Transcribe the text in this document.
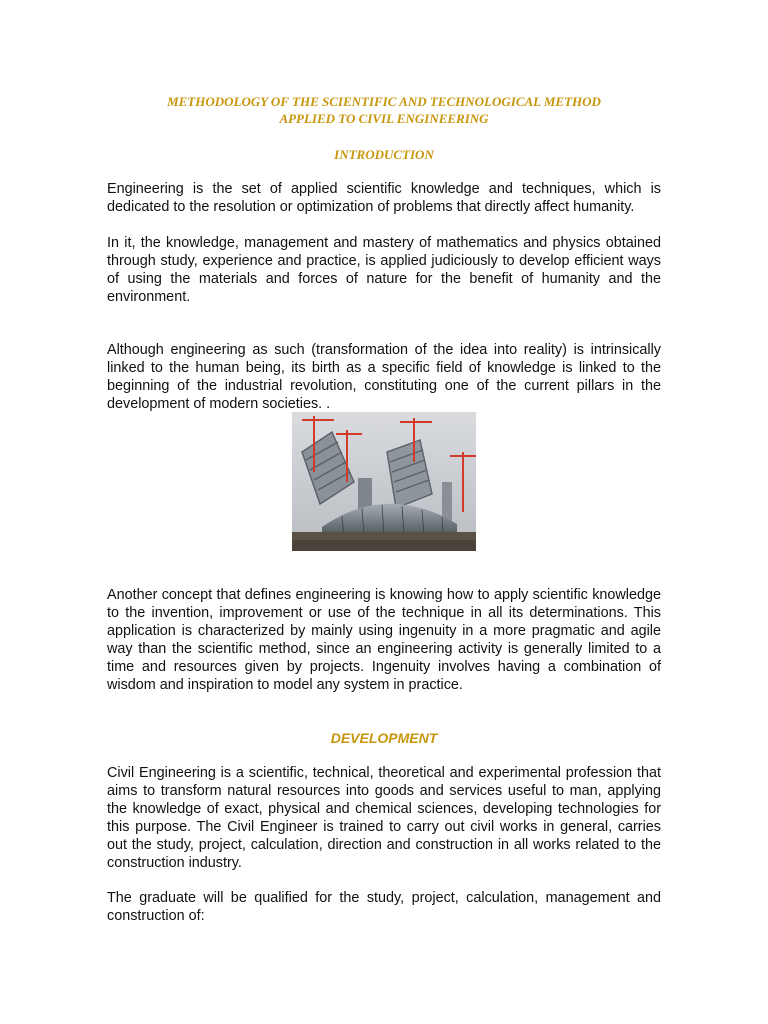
METHODOLOGY OF THE SCIENTIFIC AND TECHNOLOGICAL METHOD

APPLIED TO CIVIL ENGINEERING

INTRODUCTION

Engineering is the set of applied scientific knowledge and techniques, which is dedicated to the resolution or optimization of problems that directly affect humanity.

In it, the knowledge, management and mastery of mathematics and physics obtained through study, experience and practice, is applied judiciously to develop efficient ways of using the materials and forces of nature for the benefit of humanity and the environment.

Although engineering as such (transformation of the idea into reality) is intrinsically linked to the human being, its birth as a specific field of knowledge is linked to the beginning of the industrial revolution, constituting one of the current pillars in the development of modern societies. .

Another concept that defines engineering is knowing how to apply scientific knowledge to the invention, improvement or use of the technique in all its determinations. This application is characterized by mainly using ingenuity in a more pragmatic and agile way than the scientific method, since an engineering activity is generally limited to a time and resources given by projects. Ingenuity involves having a combination of wisdom and inspiration to model any system in practice.

DEVELOPMENT

Civil Engineering is a scientific, technical, theoretical and experimental profession that aims to transform natural resources into goods and services useful to man, applying the knowledge of exact, physical and chemical sciences, developing technologies for this purpose. The Civil Engineer is trained to carry out civil works in general, carries out the study, project, calculation, direction and construction in all works related to the construction industry.

The graduate will be qualified for the study, project, calculation, management and construction of:
